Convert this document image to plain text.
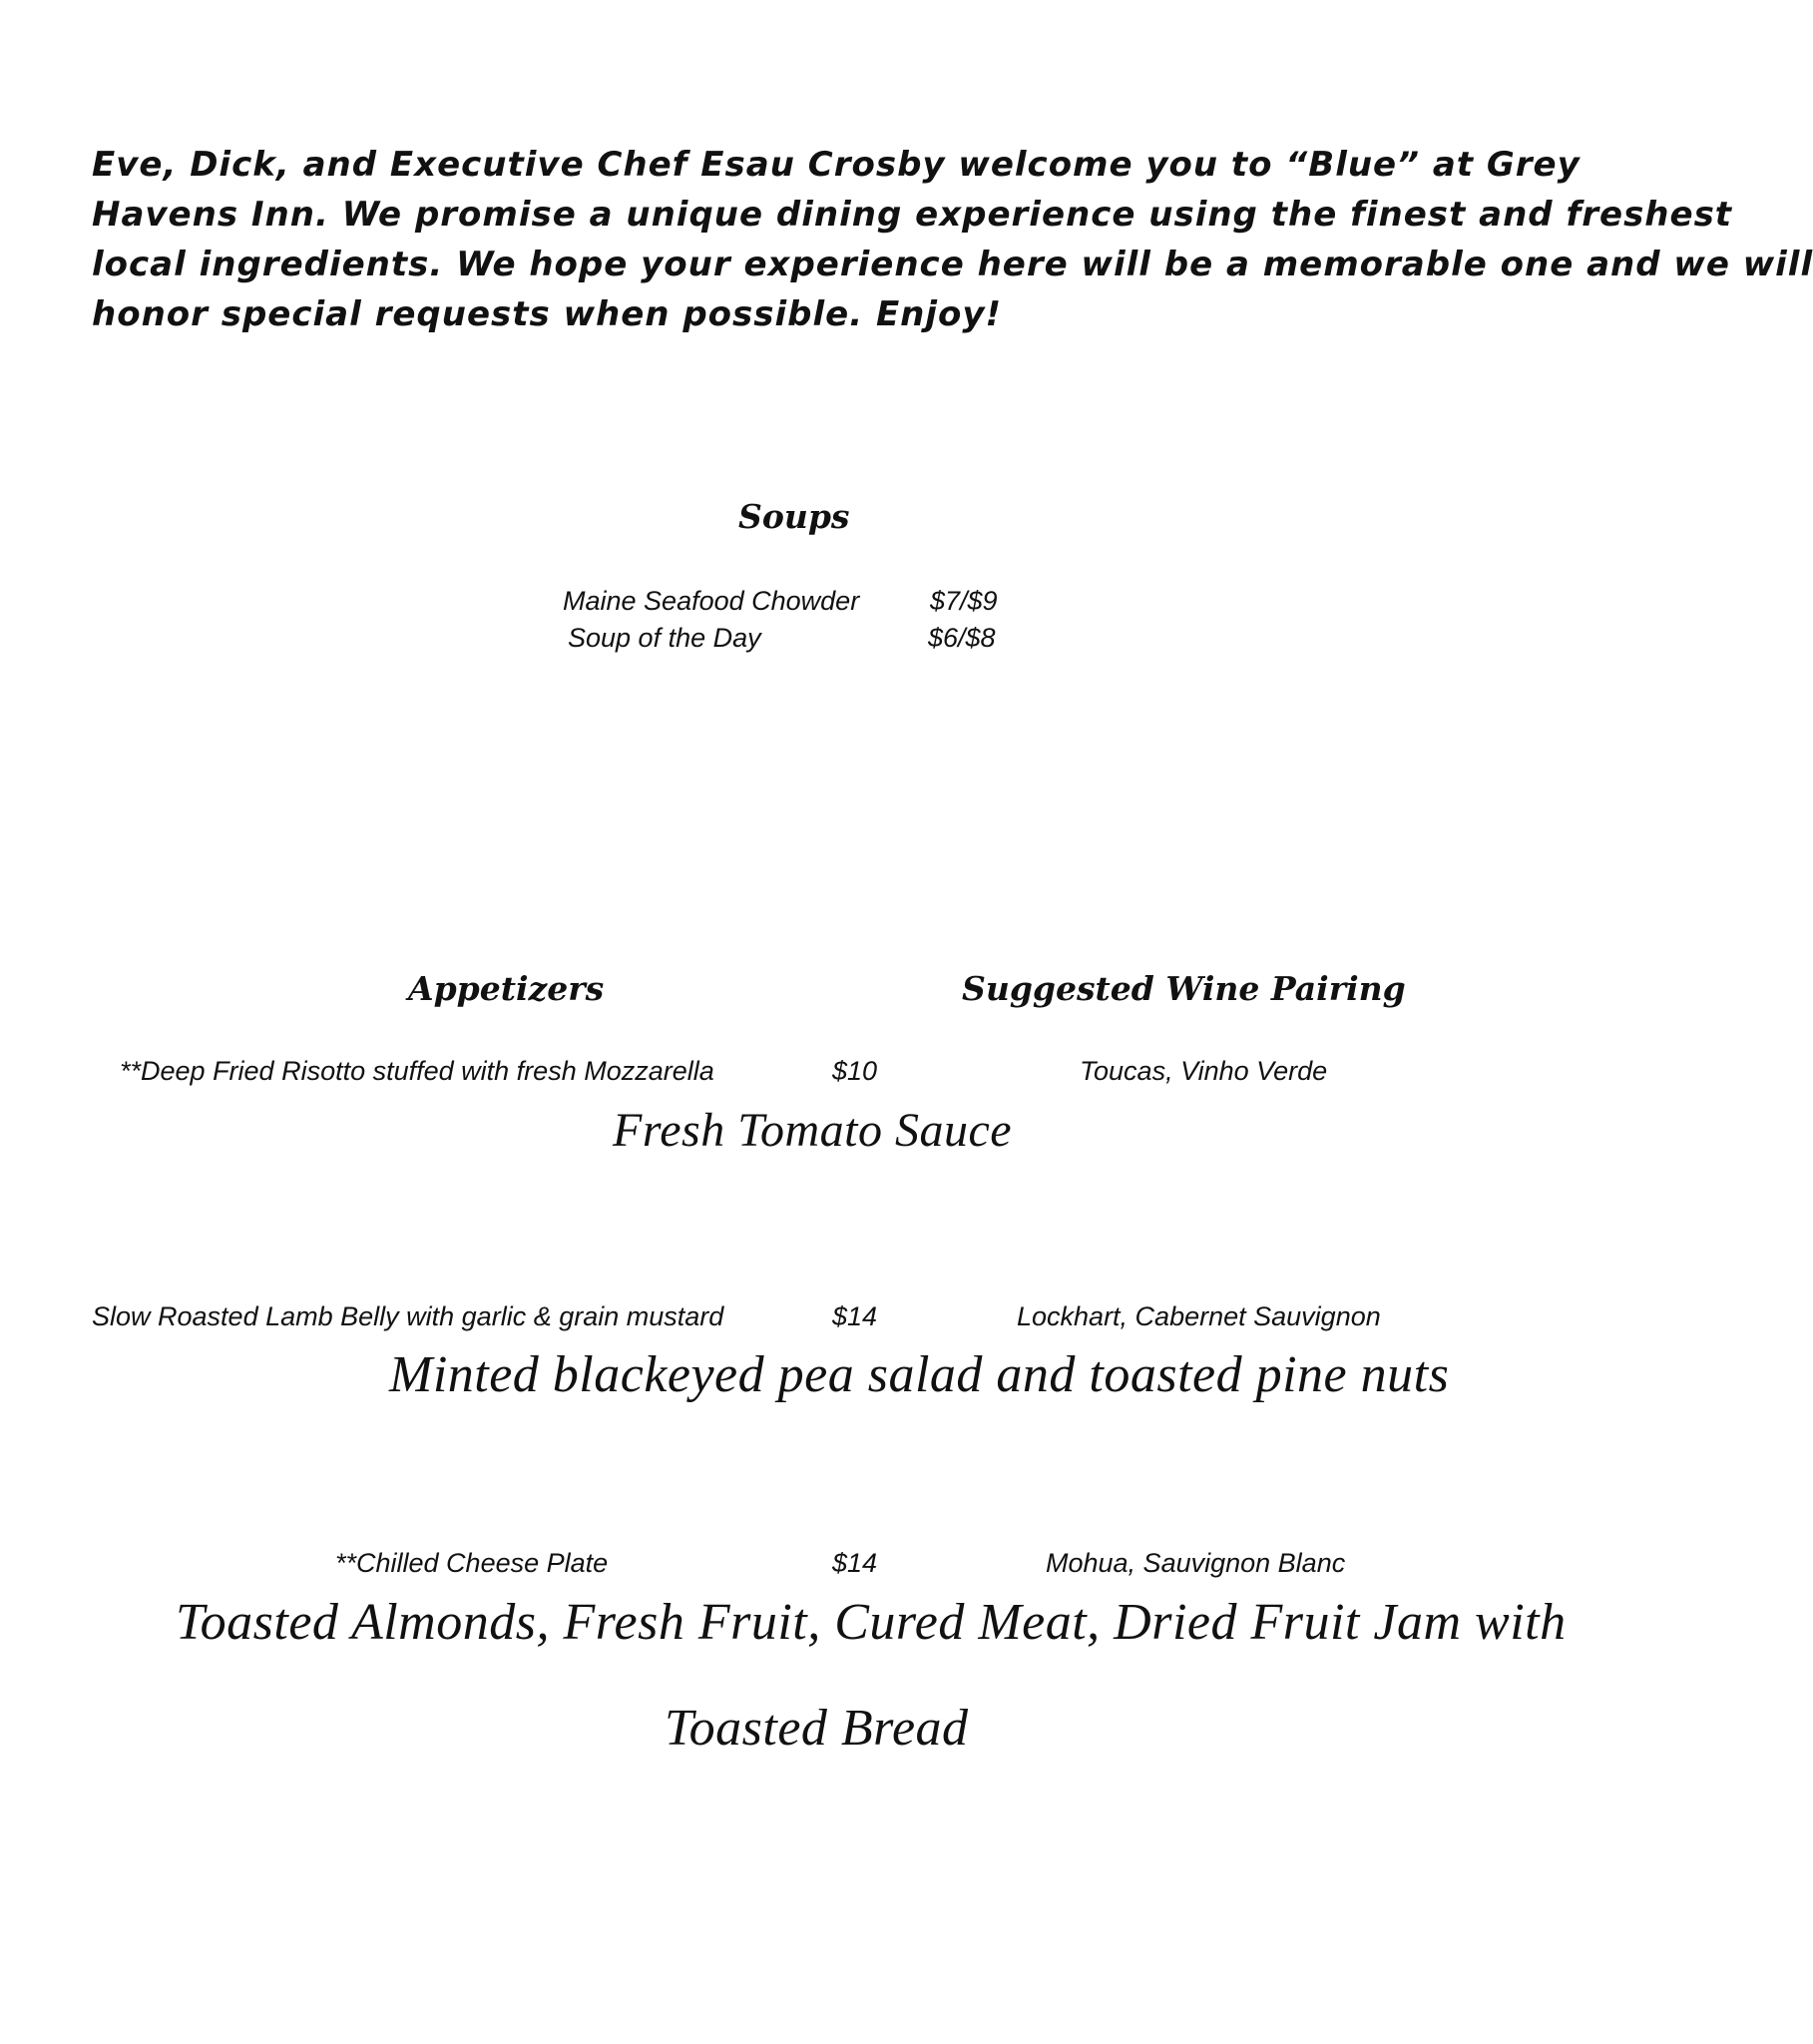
Eve, Dick, and Executive Chef Esau Crosby welcome you to “Blue” at Grey
Havens Inn. We promise a unique dining experience using the finest and freshest
local ingredients. We hope your experience here will be a memorable one and we will
honor special requests when possible. Enjoy!

Soups
Maine Seafood Chowder	$7/$9
Soup of the Day	$6/$8
Appetizers	Suggested Wine Pairing
**Deep Fried Risotto stuffed with fresh Mozzarella	$10	Toucas, Vinho Verde
Fresh Tomato Sauce
Slow Roasted Lamb Belly with garlic & grain mustard	$14	Lockhart, Cabernet Sauvignon
Minted blackeyed pea salad and toasted pine nuts
**Chilled Cheese Plate	$14	Mohua, Sauvignon Blanc
Toasted Almonds, Fresh Fruit, Cured Meat, Dried Fruit Jam with
Toasted Bread
